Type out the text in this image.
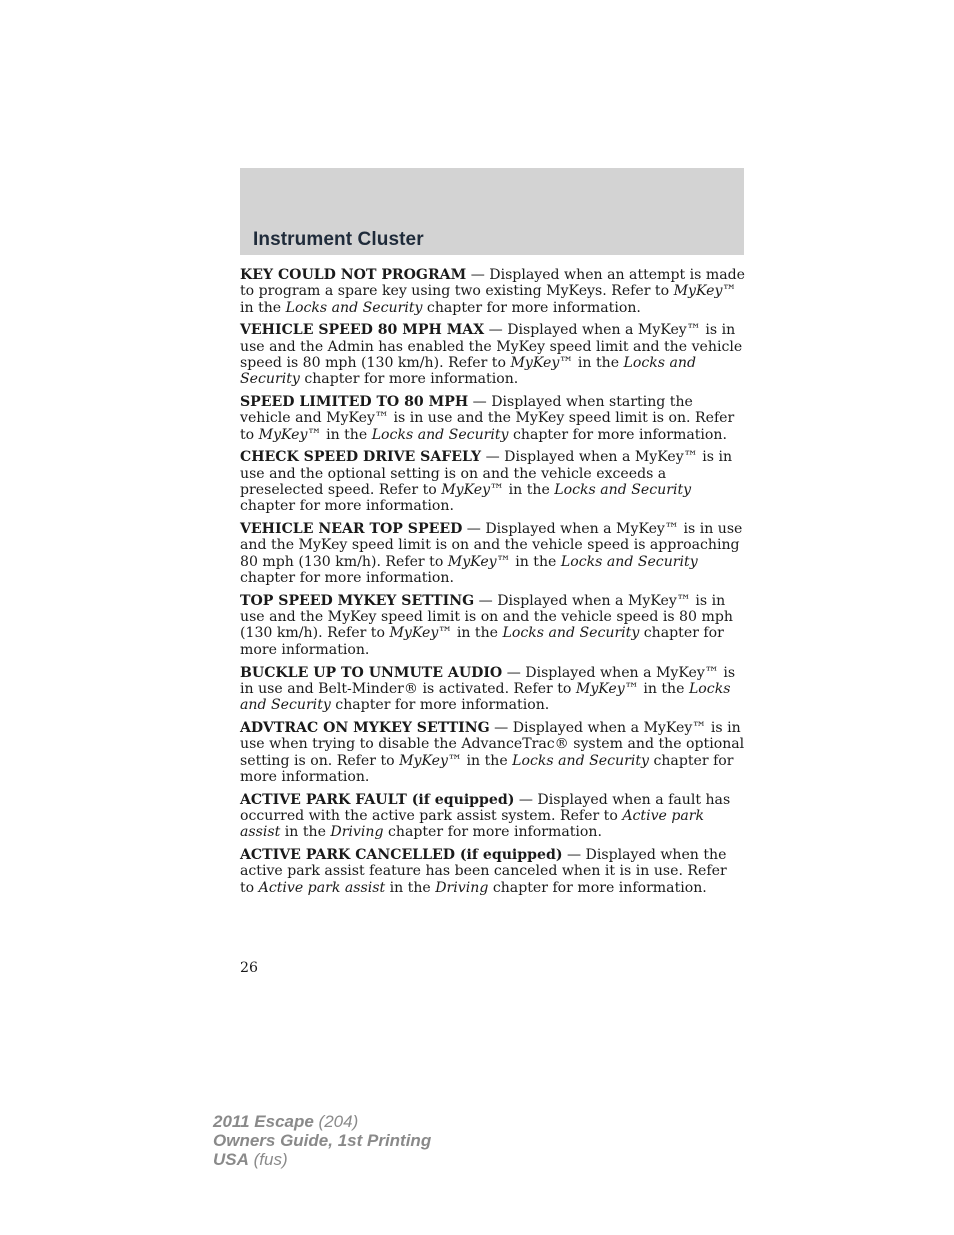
Instrument Cluster

KEY COULD NOT PROGRAM — Displayed when an attempt is made to program a spare key using two existing MyKeys. Refer to MyKey™ in the Locks and Security chapter for more information.

VEHICLE SPEED 80 MPH MAX — Displayed when a MyKey™ is in use and the Admin has enabled the MyKey speed limit and the vehicle speed is 80 mph (130 km/h). Refer to MyKey™ in the Locks and Security chapter for more information.

SPEED LIMITED TO 80 MPH — Displayed when starting the vehicle and MyKey™ is in use and the MyKey speed limit is on. Refer to MyKey™ in the Locks and Security chapter for more information.

CHECK SPEED DRIVE SAFELY — Displayed when a MyKey™ is in use and the optional setting is on and the vehicle exceeds a preselected speed. Refer to MyKey™ in the Locks and Security chapter for more information.

VEHICLE NEAR TOP SPEED — Displayed when a MyKey™ is in use and the MyKey speed limit is on and the vehicle speed is approaching 80 mph (130 km/h). Refer to MyKey™ in the Locks and Security chapter for more information.

TOP SPEED MYKEY SETTING — Displayed when a MyKey™ is in use and the MyKey speed limit is on and the vehicle speed is 80 mph (130 km/h). Refer to MyKey™ in the Locks and Security chapter for more information.

BUCKLE UP TO UNMUTE AUDIO — Displayed when a MyKey™ is in use and Belt-Minder® is activated. Refer to MyKey™ in the Locks and Security chapter for more information.

ADVTRAC ON MYKEY SETTING — Displayed when a MyKey™ is in use when trying to disable the AdvanceTrac® system and the optional setting is on. Refer to MyKey™ in the Locks and Security chapter for more information.

ACTIVE PARK FAULT (if equipped) — Displayed when a fault has occurred with the active park assist system. Refer to Active park assist in the Driving chapter for more information.

ACTIVE PARK CANCELLED (if equipped) — Displayed when the active park assist feature has been canceled when it is in use. Refer to Active park assist in the Driving chapter for more information.

26
2011 Escape (204)
Owners Guide, 1st Printing
USA (fus)
